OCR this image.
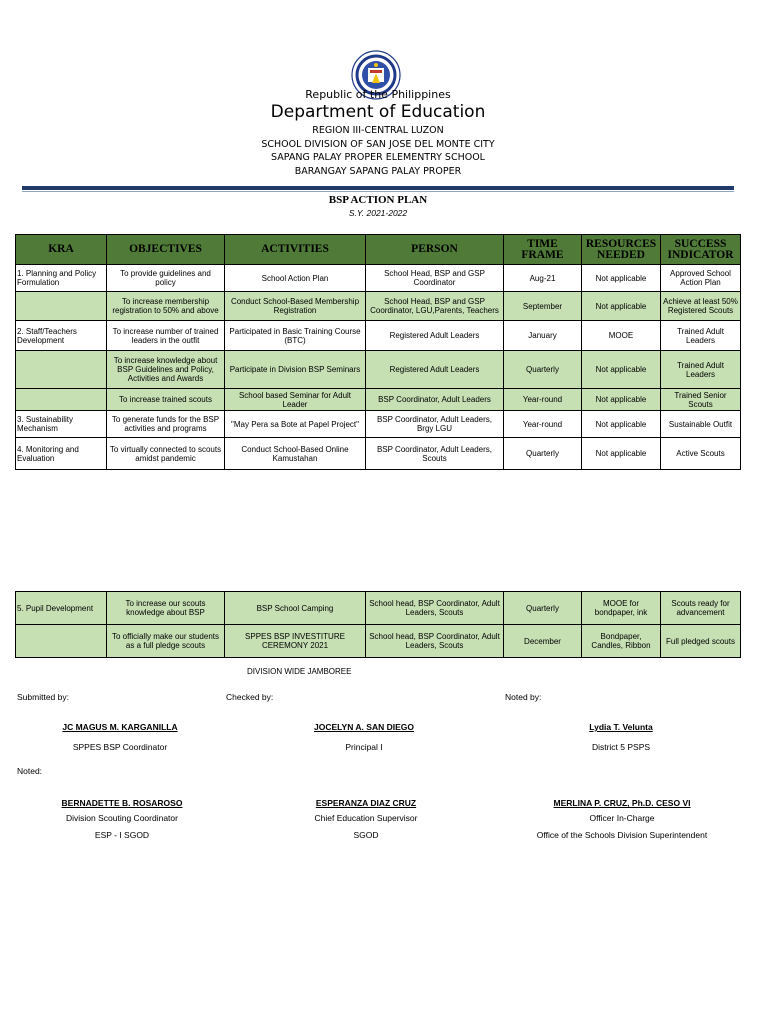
Republic of the Philippines
Department of Education
REGION III-CENTRAL LUZON
SCHOOL DIVISION OF SAN JOSE DEL MONTE CITY
SAPANG PALAY PROPER ELEMENTRY SCHOOL
BARANGAY SAPANG PALAY PROPER
BSP ACTION PLAN
S.Y. 2021-2022
KRA	OBJECTIVES	ACTIVITIES	PERSON	TIME FRAME	RESOURCES NEEDED	SUCCESS INDICATOR
1. Planning and Policy Formulation	To provide guidelines and policy	School Action Plan	School Head, BSP and GSP Coordinator	Aug-21	Not applicable	Approved School Action Plan
	To increase membership registration to 50% and above	Conduct School-Based Membership Registration	School Head, BSP and GSP Coordinator, LGU,Parents, Teachers	September	Not applicable	Achieve at least 50% Registered Scouts
2. Staff/Teachers Development	To increase number of trained leaders in the outfit	Participated in Basic Training Course (BTC)	Registered Adult Leaders	January	MOOE	Trained Adult Leaders
	To increase knowledge about BSP Guidelines and Policy, Activities and Awards	Participate in Division BSP Seminars	Registered Adult Leaders	Quarterly	Not applicable	Trained Adult Leaders
	To increase trained scouts	School based Seminar for Adult Leader	BSP Coordinator, Adult Leaders	Year-round	Not applicable	Trained Senior Scouts
3. Sustainability Mechanism	To generate funds for the BSP activities and programs	"May Pera sa Bote at Papel Project"	BSP Coordinator, Adult Leaders, Brgy LGU	Year-round	Not applicable	Sustainable Outfit
4. Monitoring and Evaluation	To virtually connected to scouts amidst pandemic	Conduct School-Based Online Kamustahan	BSP Coordinator, Adult Leaders, Scouts	Quarterly	Not applicable	Active Scouts
5. Pupil Development	To increase our scouts knowledge about BSP	BSP School Camping	School head, BSP Coordinator, Adult Leaders, Scouts	Quarterly	MOOE for bondpaper, ink	Scouts ready for advancement
	To officially make our students as a full pledge scouts	SPPES BSP INVESTITURE CEREMONY 2021	School head, BSP Coordinator, Adult Leaders, Scouts	December	Bondpaper, Candles, Ribbon	Full pledged scouts
DIVISION WIDE JAMBOREE
Submitted by:	Checked by:	Noted by:
JC MAGUS M. KARGANILLA
SPPES BSP Coordinator
JOCELYN A. SAN DIEGO
Principal I
Lydia T. Velunta
District 5 PSPS
Noted:
BERNADETTE B. ROSAROSO
Division Scouting Coordinator
ESP - I SGOD
ESPERANZA DIAZ CRUZ
Chief Education Supervisor
SGOD
MERLINA P. CRUZ, Ph.D. CESO VI
Officer In-Charge
Office of the Schools Division Superintendent
